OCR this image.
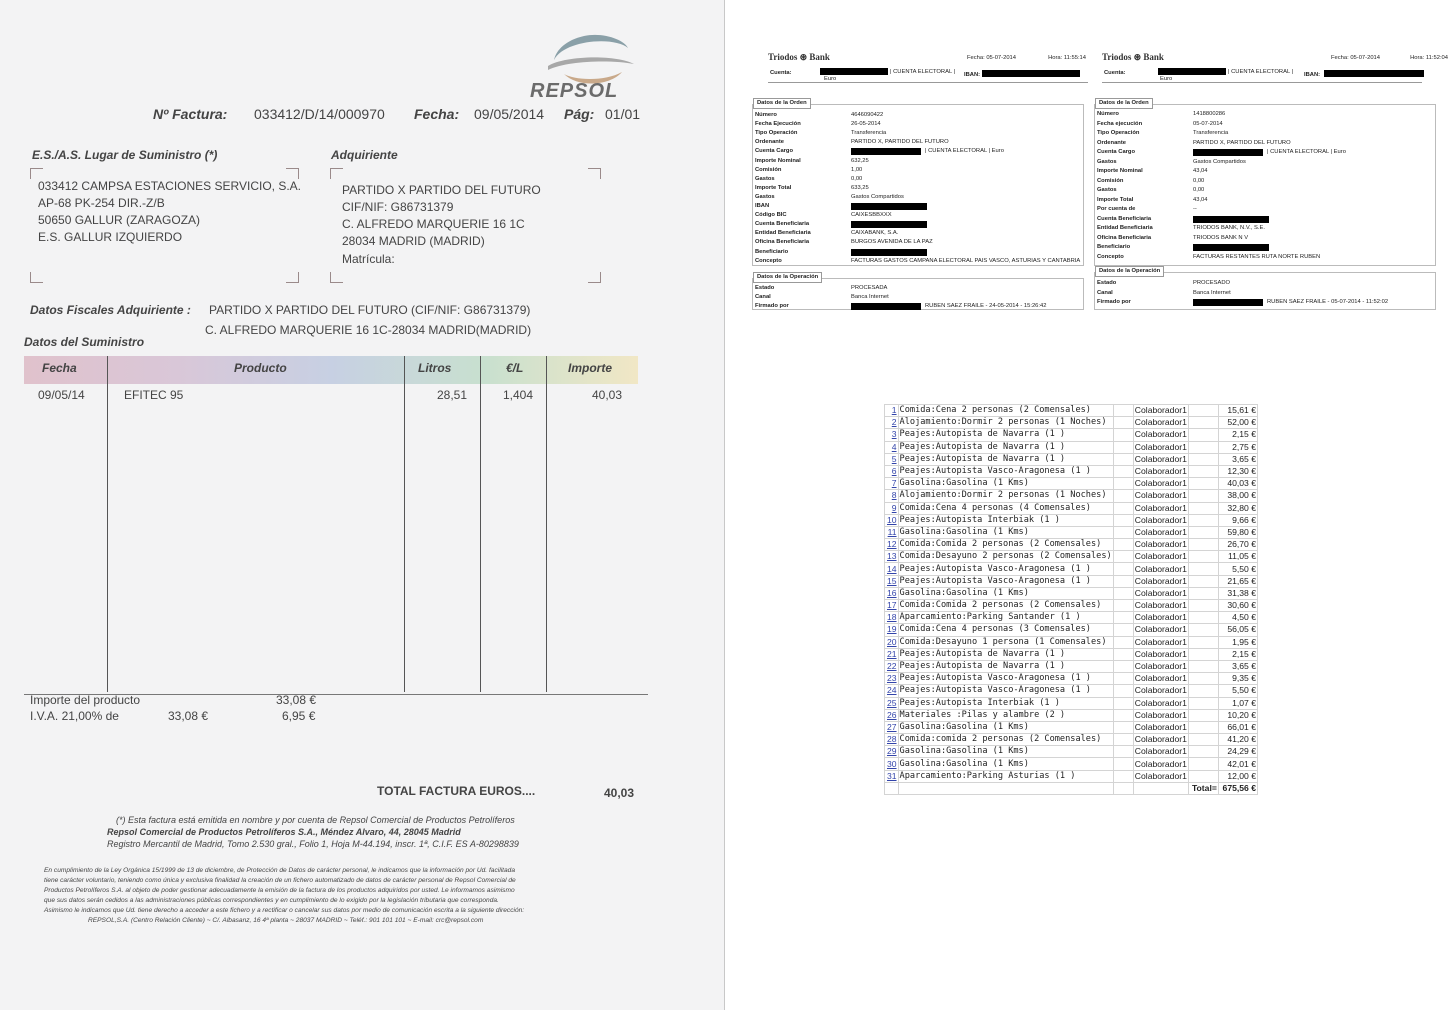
REPSOL
Nº Factura: 033412/D/14/000970 Fecha: 09/05/2014 Pág: 01/01
E.S./A.S. Lugar de Suministro (*)	Adquiriente
033412 CAMPSA ESTACIONES SERVICIO, S.A.
AP-68 PK-254 DIR.-Z/B
50650 GALLUR (ZARAGOZA)
E.S. GALLUR IZQUIERDO
PARTIDO X PARTIDO DEL FUTURO
CIF/NIF: G86731379
C. ALFREDO MARQUERIE 16 1C
28034 MADRID (MADRID)
Matrícula:
Datos Fiscales Adquiriente : PARTIDO X PARTIDO DEL FUTURO (CIF/NIF: G86731379)
C. ALFREDO MARQUERIE 16 1C-28034 MADRID(MADRID)
Datos del Suministro
Fecha	Producto	Litros	€/L	Importe
09/05/14	EFITEC 95	28,51	1,404	40,03
Importe del producto	33,08 €
I.V.A. 21,00% de	33,08 €	6,95 €
TOTAL FACTURA EUROS....	40,03
(*) Esta factura está emitida en nombre y por cuenta de Repsol Comercial de Productos Petrolíferos
Repsol Comercial de Productos Petrolíferos S.A., Méndez Alvaro, 44, 28045 Madrid
Registro Mercantil de Madrid, Tomo 2.530 gral., Folio 1, Hoja M-44.194, inscr. 1ª, C.I.F. ES A-80298839
En cumplimiento de la Ley Orgánica 15/1999 de 13 de diciembre, de Protección de Datos de carácter personal, le indicamos que la información por Ud. facilitada
tiene carácter voluntario, teniendo como única y exclusiva finalidad la creación de un fichero automatizado de datos de carácter personal de Repsol Comercial de
Productos Petrolíferos S.A. al objeto de poder gestionar adecuadamente la emisión de la factura de los productos adquiridos por usted. Le informamos asimismo
que sus datos serán cedidos a las administraciones públicas correspondientes y en cumplimiento de lo exigido por la legislación tributaria que corresponda.
Asimismo le indicamos que Ud. tiene derecho a acceder a este fichero y a rectificar o cancelar sus datos por medio de comunicación escrita a la siguiente dirección:
REPSOL,S.A. (Centro Relación Cliente) ~ C/. Albasanz, 16 4ª planta ~ 28037 MADRID ~ Teléf.: 901 101 101 ~ E-mail: crc@repsol.com
Triodos ⊛ Bank	Fecha: 05-07-2014	Hora: 11:55:14
Cuenta:	| CUENTA ELECTORAL |
Euro
IBAN:
Datos de la Orden
Número	4646090422
Fecha Ejecución	26-05-2014
Tipo Operación	Transferencia
Ordenante	PARTIDO X, PARTIDO DEL FUTURO
Cuenta Cargo	| CUENTA ELECTORAL | Euro
Importe Nominal	632,25
Comisión	1,00
Gastos	0,00
Importe Total	633,25
Gastos	Gastos Compartidos
IBAN
Código BIC	CAIXESBBXXX
Cuenta Beneficiaria
Entidad Beneficiaria	CAIXABANK, S.A.
Oficina Beneficiaria	BURGOS AVENIDA DE LA PAZ
Beneficiario
Concepto	FACTURAS GASTOS CAMPANA ELECTORAL PAIS VASCO, ASTURIAS Y CANTABRIA
Datos de la Operación
Estado	PROCESADA
Canal	Banca Internet
Firmado por	RUBEN SAEZ FRAILE - 24-05-2014 - 15:26:42
Triodos ⊛ Bank	Fecha: 05-07-2014	Hora: 11:52:04
Cuenta:	| CUENTA ELECTORAL |
Euro
IBAN:
Datos de la Orden
Número	1418800286
Fecha ejecución	05-07-2014
Tipo Operación	Transferencia
Ordenante	PARTIDO X, PARTIDO DEL FUTURO
Cuenta Cargo	| CUENTA ELECTORAL | Euro
Gastos	Gastos Compartidos
Importe Nominal	43,04
Comisión	0,00
Gastos	0,00
Importe Total	43,04
Por cuenta de	--
Cuenta Beneficiaria
Entidad Beneficiaria	TRIODOS BANK, N.V., S.E.
Oficina Beneficiaria	TRIODOS BANK N V
Beneficiario
Concepto	FACTURAS RESTANTES RUTA NORTE RUBEN
Datos de la Operación
Estado	PROCESADO
Canal	Banca Internet
Firmado por	RUBEN SAEZ FRAILE - 05-07-2014 - 11:52:02
1	Comida:Cena 2 personas (2 Comensales)		Colaborador1		15,61 €
2	Alojamiento:Dormir 2 personas (1 Noches)		Colaborador1		52,00 €
3	Peajes:Autopista de Navarra (1 )		Colaborador1		2,15 €
4	Peajes:Autopista de Navarra (1 )		Colaborador1		2,75 €
5	Peajes:Autopista de Navarra (1 )		Colaborador1		3,65 €
6	Peajes:Autopista Vasco-Aragonesa (1 )		Colaborador1		12,30 €
7	Gasolina:Gasolina (1 Kms)		Colaborador1		40,03 €
8	Alojamiento:Dormir 2 personas (1 Noches)		Colaborador1		38,00 €
9	Comida:Cena 4 personas (4 Comensales)		Colaborador1		32,80 €
10	Peajes:Autopista Interbiak (1 )		Colaborador1		9,66 €
11	Gasolina:Gasolina (1 Kms)		Colaborador1		59,80 €
12	Comida:Comida 2 personas (2 Comensales)		Colaborador1		26,70 €
13	Comida:Desayuno 2 personas (2 Comensales)		Colaborador1		11,05 €
14	Peajes:Autopista Vasco-Aragonesa (1 )		Colaborador1		5,50 €
15	Peajes:Autopista Vasco-Aragonesa (1 )		Colaborador1		21,65 €
16	Gasolina:Gasolina (1 Kms)		Colaborador1		31,38 €
17	Comida:Comida 2 personas (2 Comensales)		Colaborador1		30,60 €
18	Aparcamiento:Parking Santander (1 )		Colaborador1		4,50 €
19	Comida:Cena 4 personas (3 Comensales)		Colaborador1		56,05 €
20	Comida:Desayuno 1 persona (1 Comensales)		Colaborador1		1,95 €
21	Peajes:Autopista de Navarra (1 )		Colaborador1		2,15 €
22	Peajes:Autopista de Navarra (1 )		Colaborador1		3,65 €
23	Peajes:Autopista Vasco-Aragonesa (1 )		Colaborador1		9,35 €
24	Peajes:Autopista Vasco-Aragonesa (1 )		Colaborador1		5,50 €
25	Peajes:Autopista Interbiak (1 )		Colaborador1		1,07 €
26	Materiales :Pilas y alambre (2 )		Colaborador1		10,20 €
27	Gasolina:Gasolina (1 Kms)		Colaborador1		66,01 €
28	Comida:comida 2 personas (2 Comensales)		Colaborador1		41,20 €
29	Gasolina:Gasolina (1 Kms)		Colaborador1		24,29 €
30	Gasolina:Gasolina (1 Kms)		Colaborador1		42,01 €
31	Aparcamiento:Parking Asturias (1 )		Colaborador1		12,00 €
				Total=	675,56 €
